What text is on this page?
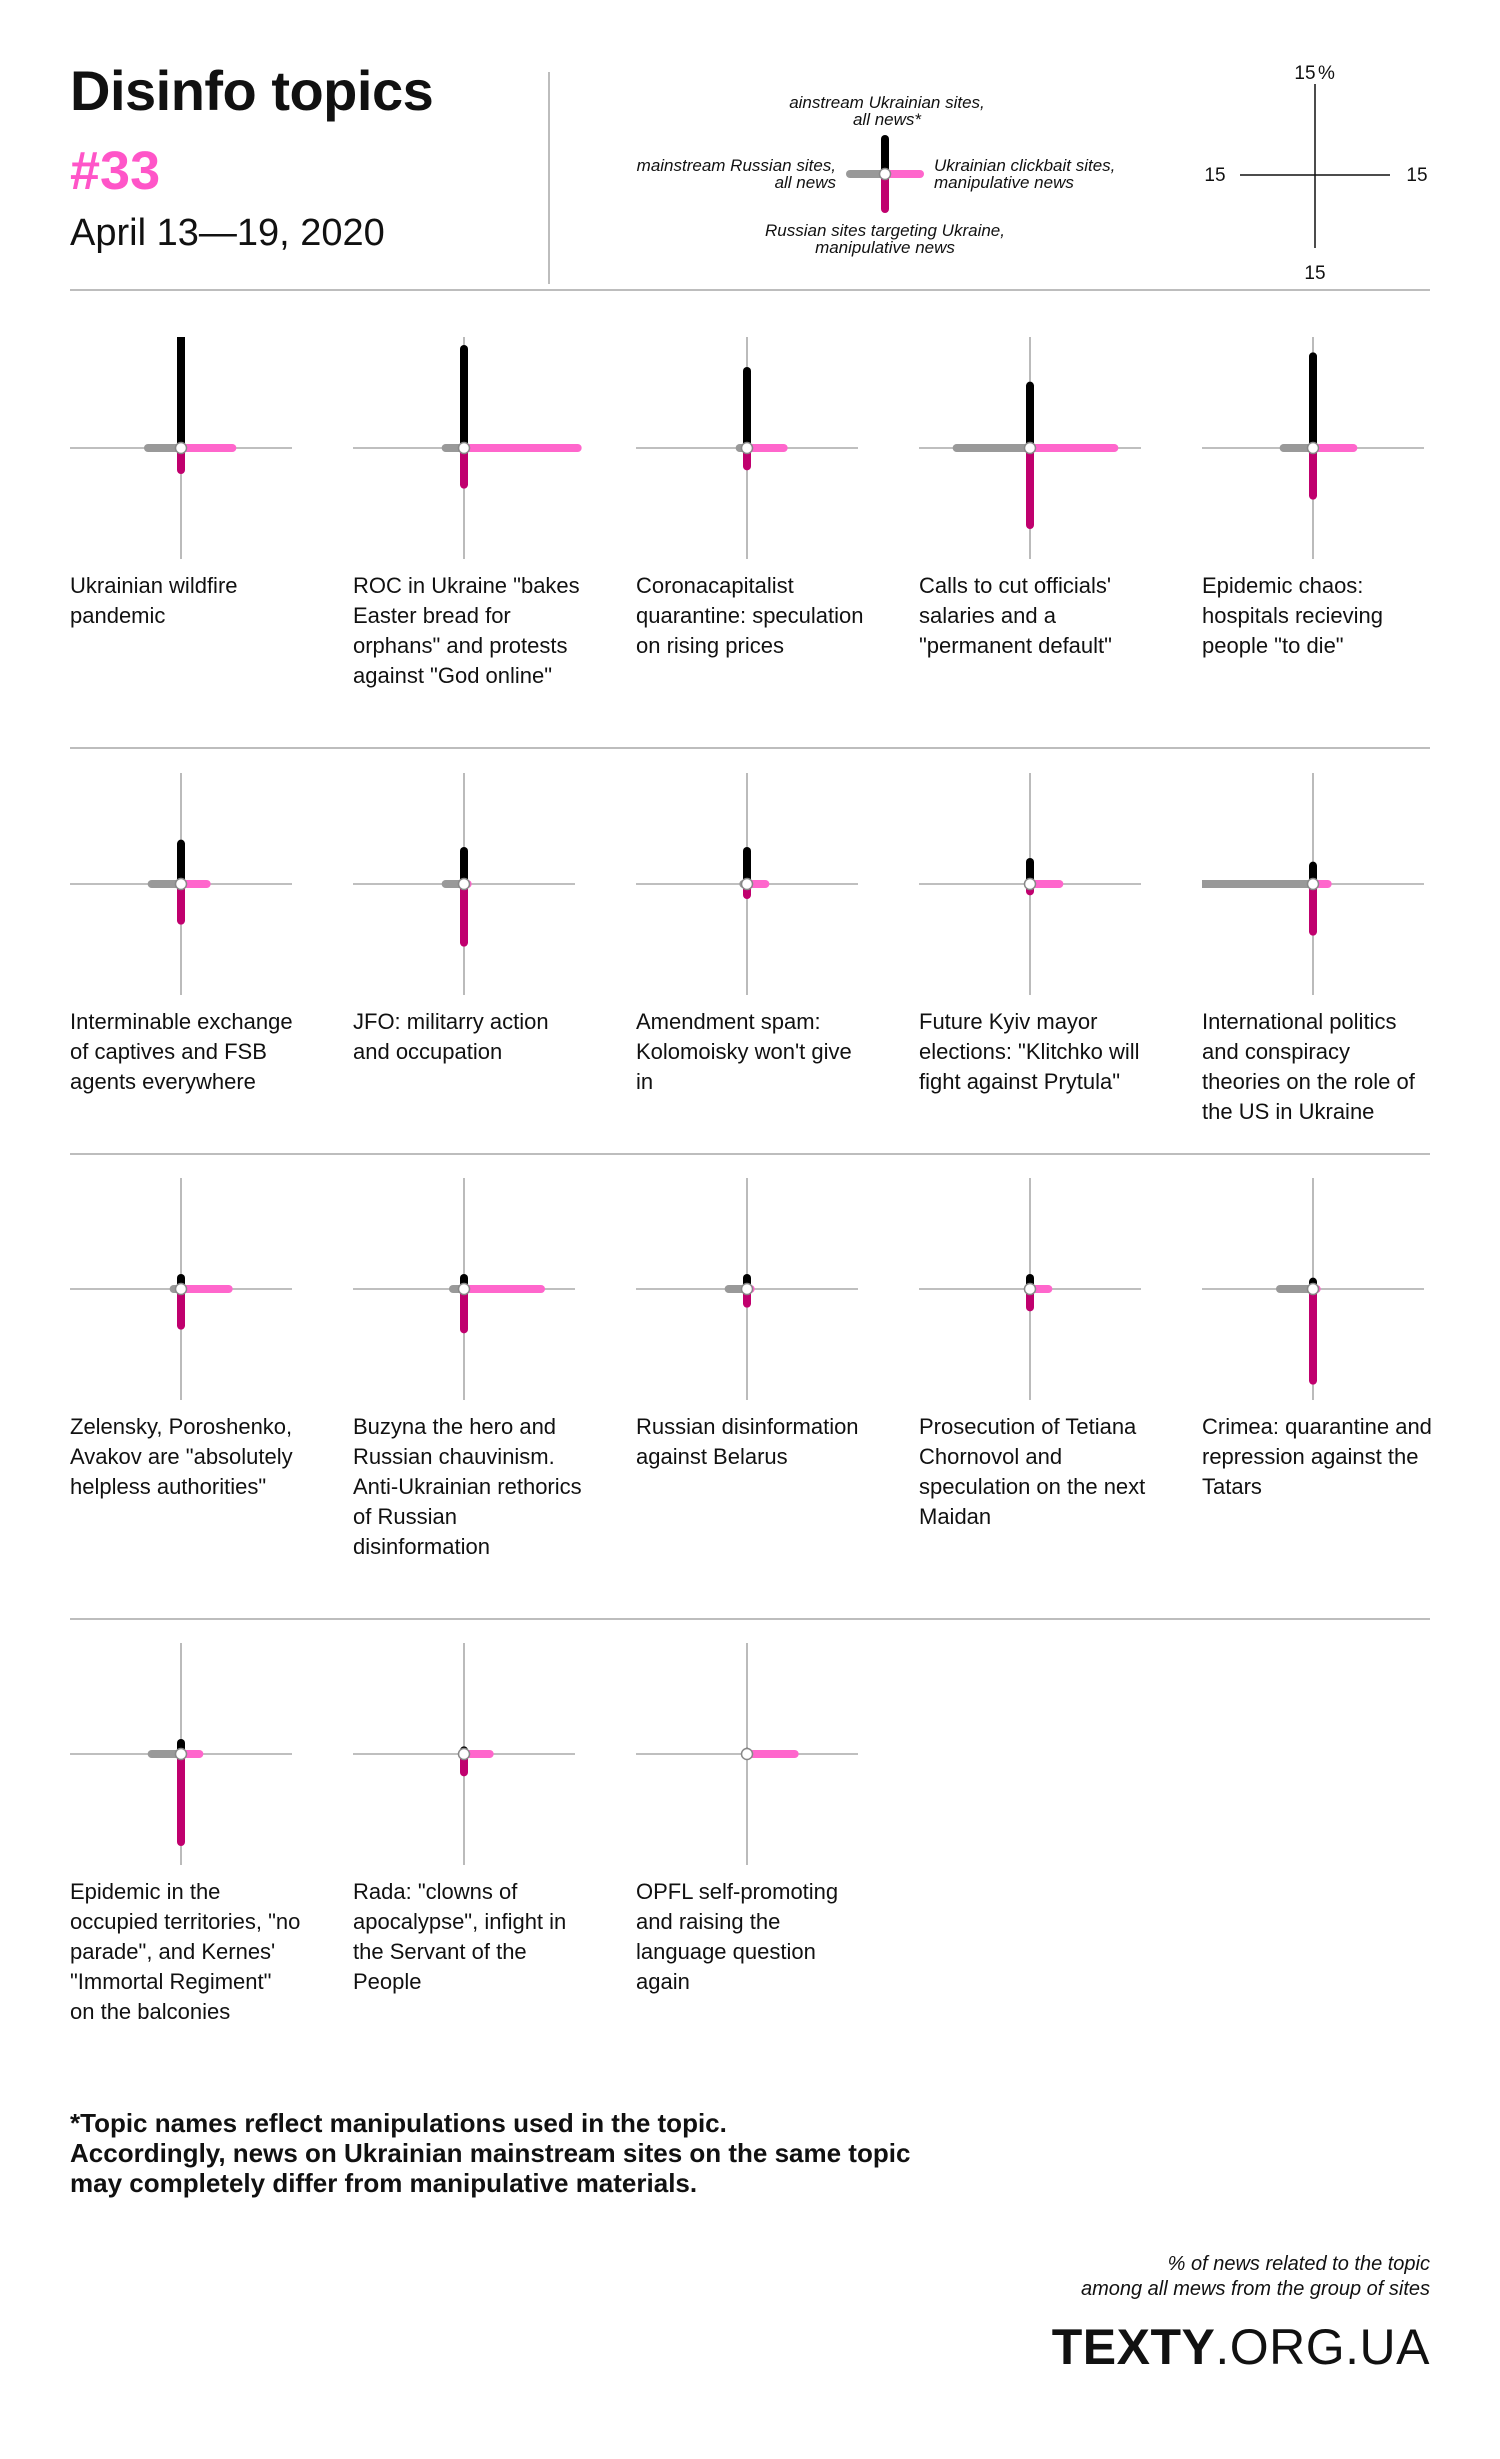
Disinfo topics
#33
April 13—19, 2020
ainstream Ukrainian sites,
all news*
mainstream Russian sites,
all news
Ukrainian clickbait sites,
manipulative news
Russian sites targeting Ukraine,
manipulative news
15 %
15	15
15
Ukrainian wildfire pandemic
ROC in Ukraine "bakes Easter bread for orphans" and protests against "God online"
Coronacapitalist quarantine: speculation on rising prices
Calls to cut officials' salaries and a "permanent default"
Epidemic chaos: hospitals recieving people "to die"
Interminable exchange of captives and FSB agents everywhere
JFO: militarry action and occupation
Amendment spam: Kolomoisky won't give in
Future Kyiv mayor elections: "Klitchko will fight against Prytula"
International politics and conspiracy theories on the role of the US in Ukraine
Zelensky, Poroshenko, Avakov are "absolutely helpless authorities"
Buzyna the hero and Russian chauvinism. Anti-Ukrainian rethorics of Russian disinformation
Russian disinformation against Belarus
Prosecution of Tetiana Chornovol and speculation on the next Maidan
Crimea: quarantine and repression against the Tatars
Epidemic in the occupied territories, "no parade", and Kernes' "Immortal Regiment" on the balconies
Rada: "clowns of apocalypse", infight in the Servant of the People
OPFL self-promoting and raising the language question again
*Topic names reflect manipulations used in the topic.
Accordingly, news on Ukrainian mainstream sites on the same topic
may completely differ from manipulative materials.
% of news related to the topic
among all mews from the group of sites
TEXTY.ORG.UA
